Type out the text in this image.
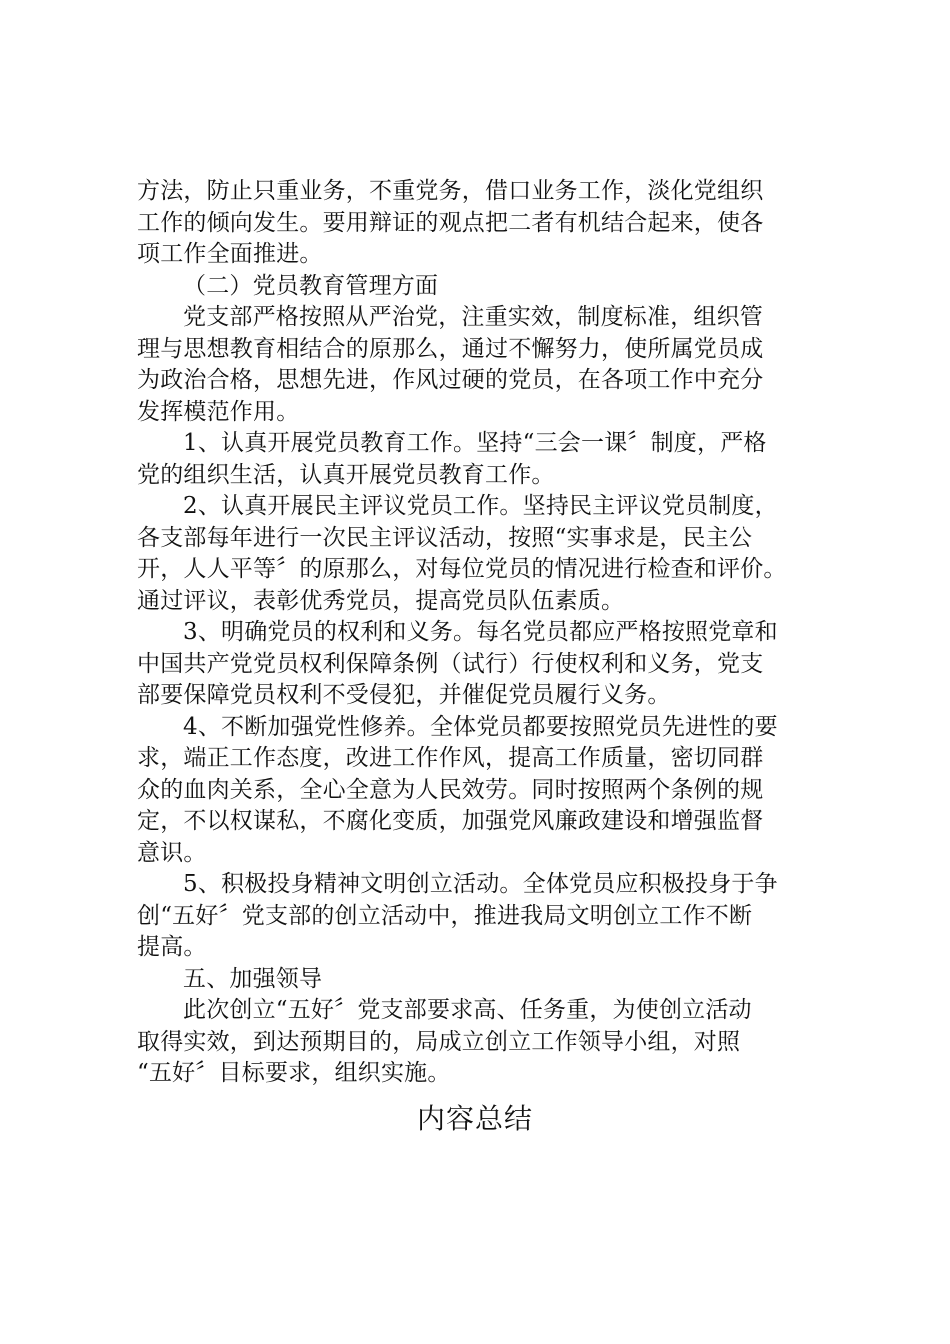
方法，防止只重业务，不重党务，借口业务工作，淡化党组织
工作的倾向发生。要用辩证的观点把二者有机结合起来，使各
项工作全面推进。
（二）党员教育管理方面
党支部严格按照从严治党，注重实效，制度标准，组织管
理与思想教育相结合的原那么，通过不懈努力，使所属党员成
为政治合格，思想先进，作风过硬的党员，在各项工作中充分
发挥模范作用。
1、认真开展党员教育工作。坚持“三会一课〞制度，严格
党的组织生活，认真开展党员教育工作。
2、认真开展民主评议党员工作。坚持民主评议党员制度，
各支部每年进行一次民主评议活动，按照“实事求是，民主公
开，人人平等〞的原那么，对每位党员的情况进行检查和评价。
通过评议，表彰优秀党员，提高党员队伍素质。
3、明确党员的权利和义务。每名党员都应严格按照党章和
中国共产党党员权利保障条例（试行）行使权利和义务，党支
部要保障党员权利不受侵犯，并催促党员履行义务。
4、不断加强党性修养。全体党员都要按照党员先进性的要
求，端正工作态度，改进工作作风，提高工作质量，密切同群
众的血肉关系，全心全意为人民效劳。同时按照两个条例的规
定，不以权谋私，不腐化变质，加强党风廉政建设和增强监督
意识。
5、积极投身精神文明创立活动。全体党员应积极投身于争
创“五好〞党支部的创立活动中，推进我局文明创立工作不断
提高。
五、加强领导
此次创立“五好〞党支部要求高、任务重，为使创立活动
取得实效，到达预期目的，局成立创立工作领导小组，对照
“五好〞目标要求，组织实施。
内容总结
